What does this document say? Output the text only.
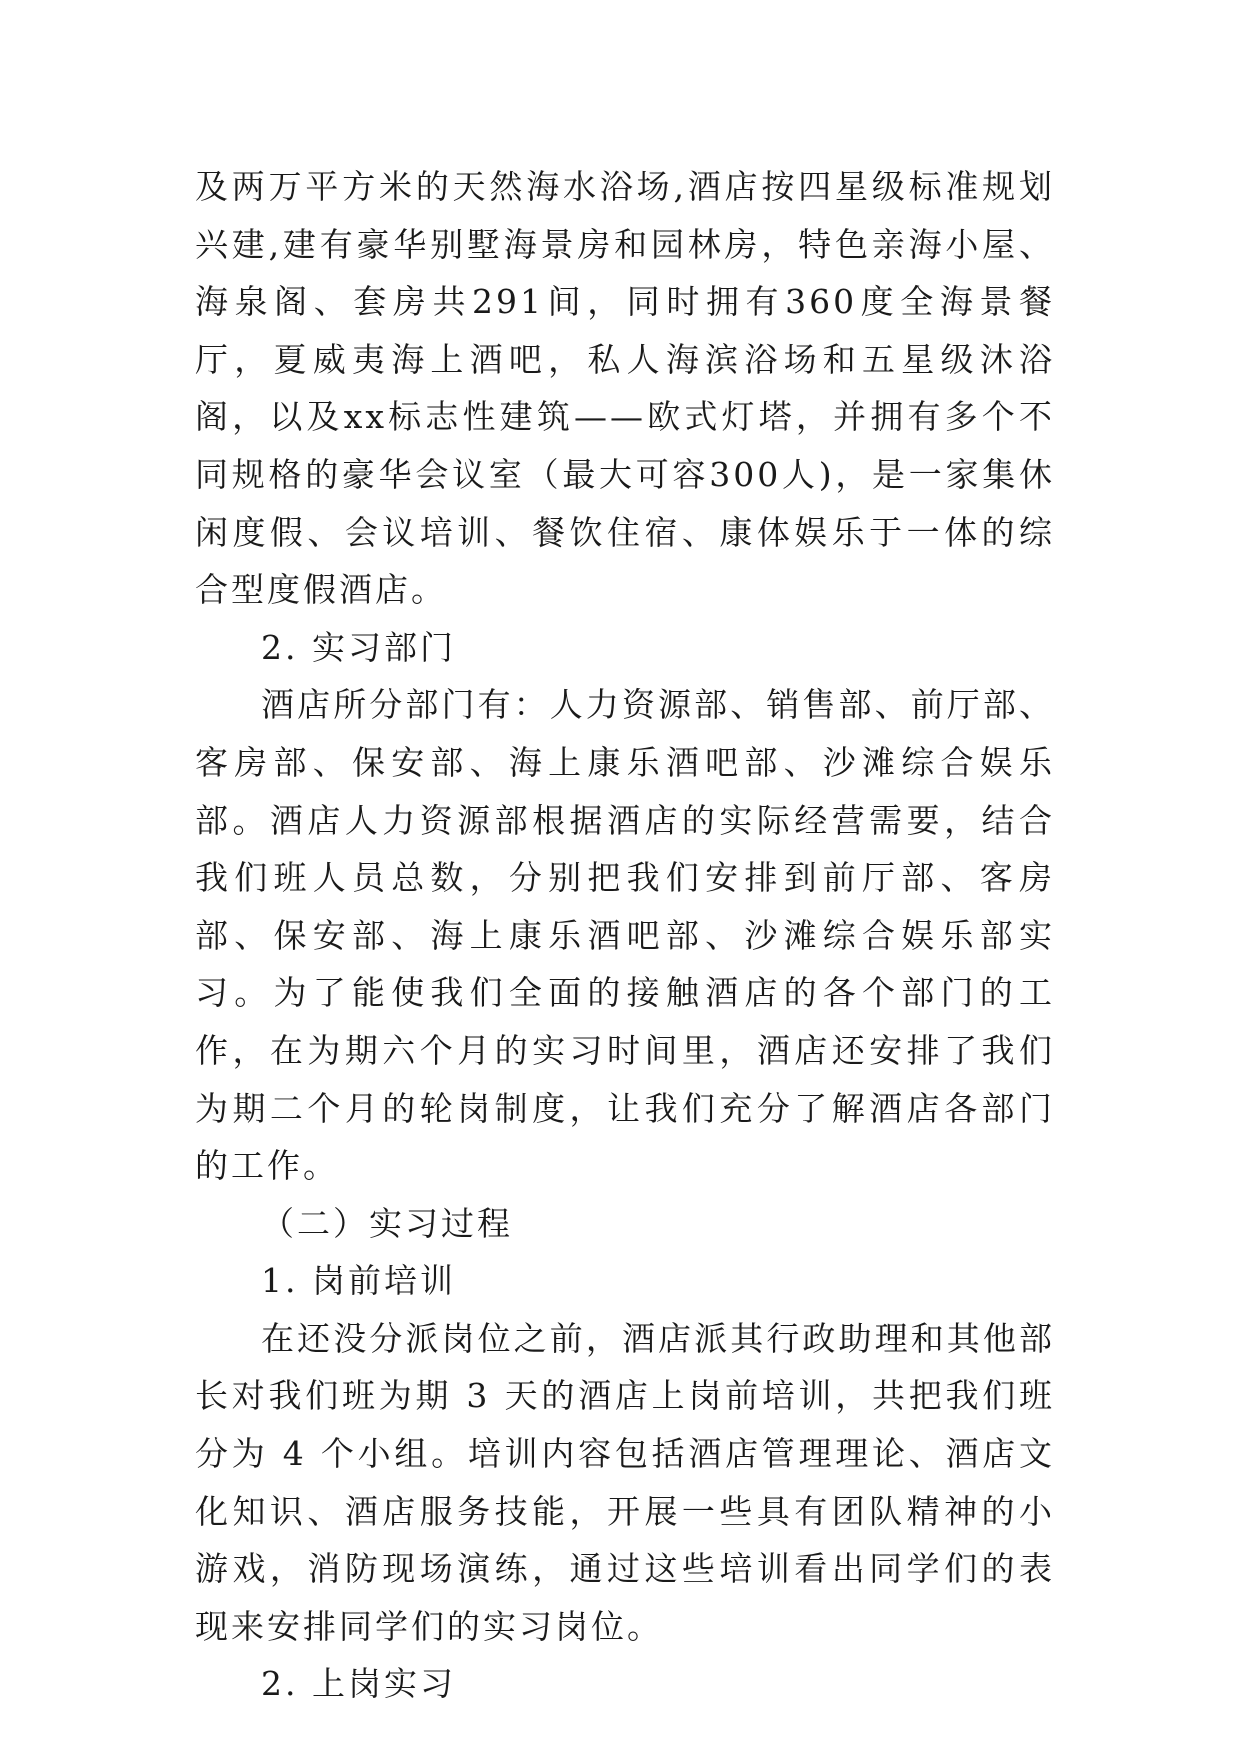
及两万平方米的天然海水浴场,酒店按四星级标准规划兴建,建有豪华别墅海景房和园林房，特色亲海小屋、海泉阁、套房共291间，同时拥有360度全海景餐厅，夏威夷海上酒吧，私人海滨浴场和五星级沐浴阁，以及xx标志性建筑——欧式灯塔，并拥有多个不同规格的豪华会议室（最大可容300人)，是一家集休闲度假、会议培训、餐饮住宿、康体娱乐于一体的综合型度假酒店。

2. 实习部门

酒店所分部门有：人力资源部、销售部、前厅部、客房部、保安部、海上康乐酒吧部、沙滩综合娱乐部。酒店人力资源部根据酒店的实际经营需要，结合我们班人员总数，分别把我们安排到前厅部、客房部、保安部、海上康乐酒吧部、沙滩综合娱乐部实习。为了能使我们全面的接触酒店的各个部门的工作，在为期六个月的实习时间里，酒店还安排了我们为期二个月的轮岗制度，让我们充分了解酒店各部门的工作。

（二）实习过程

1. 岗前培训

在还没分派岗位之前，酒店派其行政助理和其他部长对我们班为期 3 天的酒店上岗前培训，共把我们班分为 4 个小组。培训内容包括酒店管理理论、酒店文化知识、酒店服务技能，开展一些具有团队精神的小游戏，消防现场演练，通过这些培训看出同学们的表现来安排同学们的实习岗位。

2. 上岗实习
